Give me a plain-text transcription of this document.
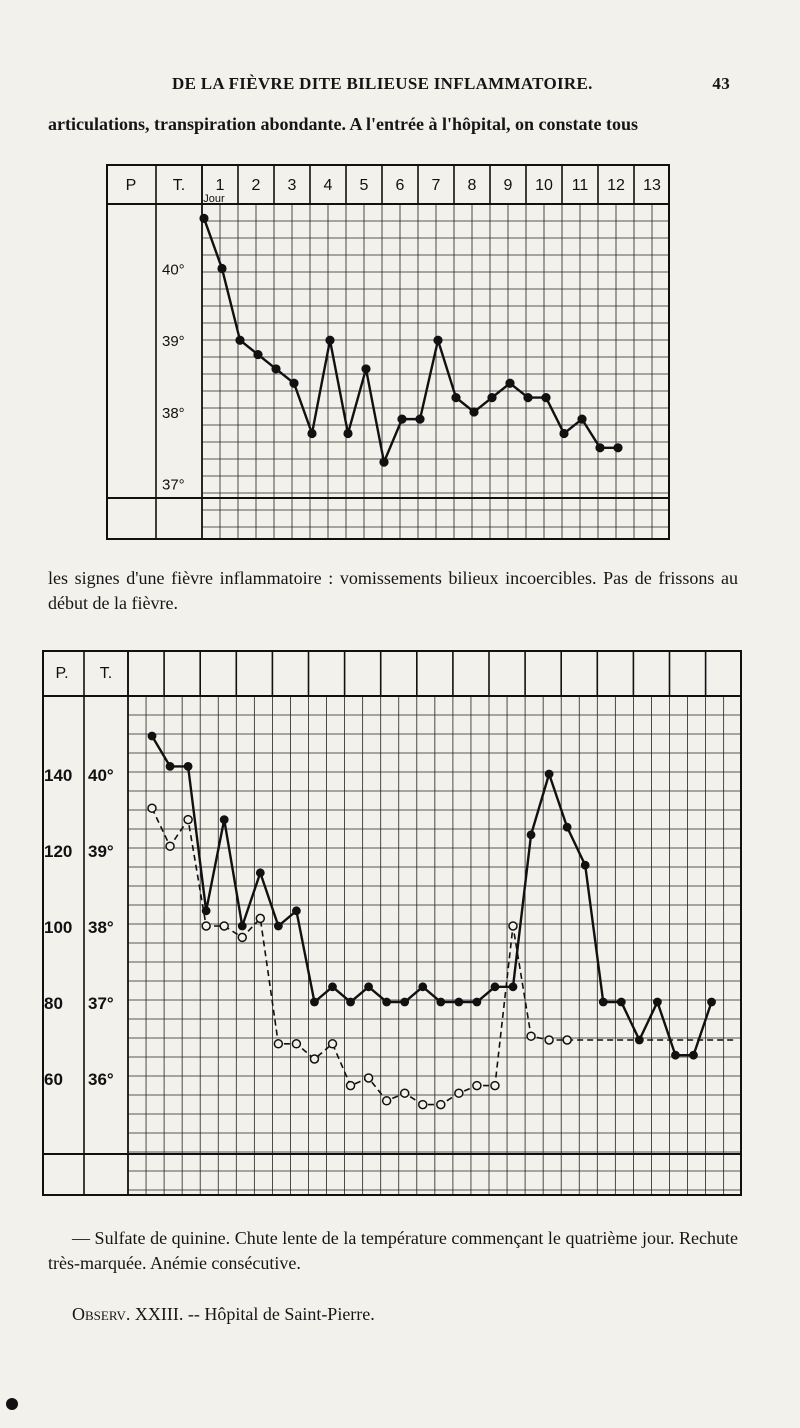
DE LA FIÈVRE DITE BILIEUSE INFLAMMATOIRE.	43
articulations, transpiration abondante. A l'entrée à l'hôpital, on constate tous
P T. 1 2 3 4 5 6 7 8 9 10 11 12 13
Jour
40°
39°
38°
37°
les signes d'une fièvre inflammatoire : vomissements bilieux incoercibles. Pas de frissons au début de la fièvre.
P. T.
140
120
100
80
60
40°
39°
38°
37°
36°
— Sulfate de quinine. Chute lente de la température commençant le quatrième jour. Rechute très-marquée. Anémie consécutive.
Observ. XXIII. -- Hôpital de Saint-Pierre.
